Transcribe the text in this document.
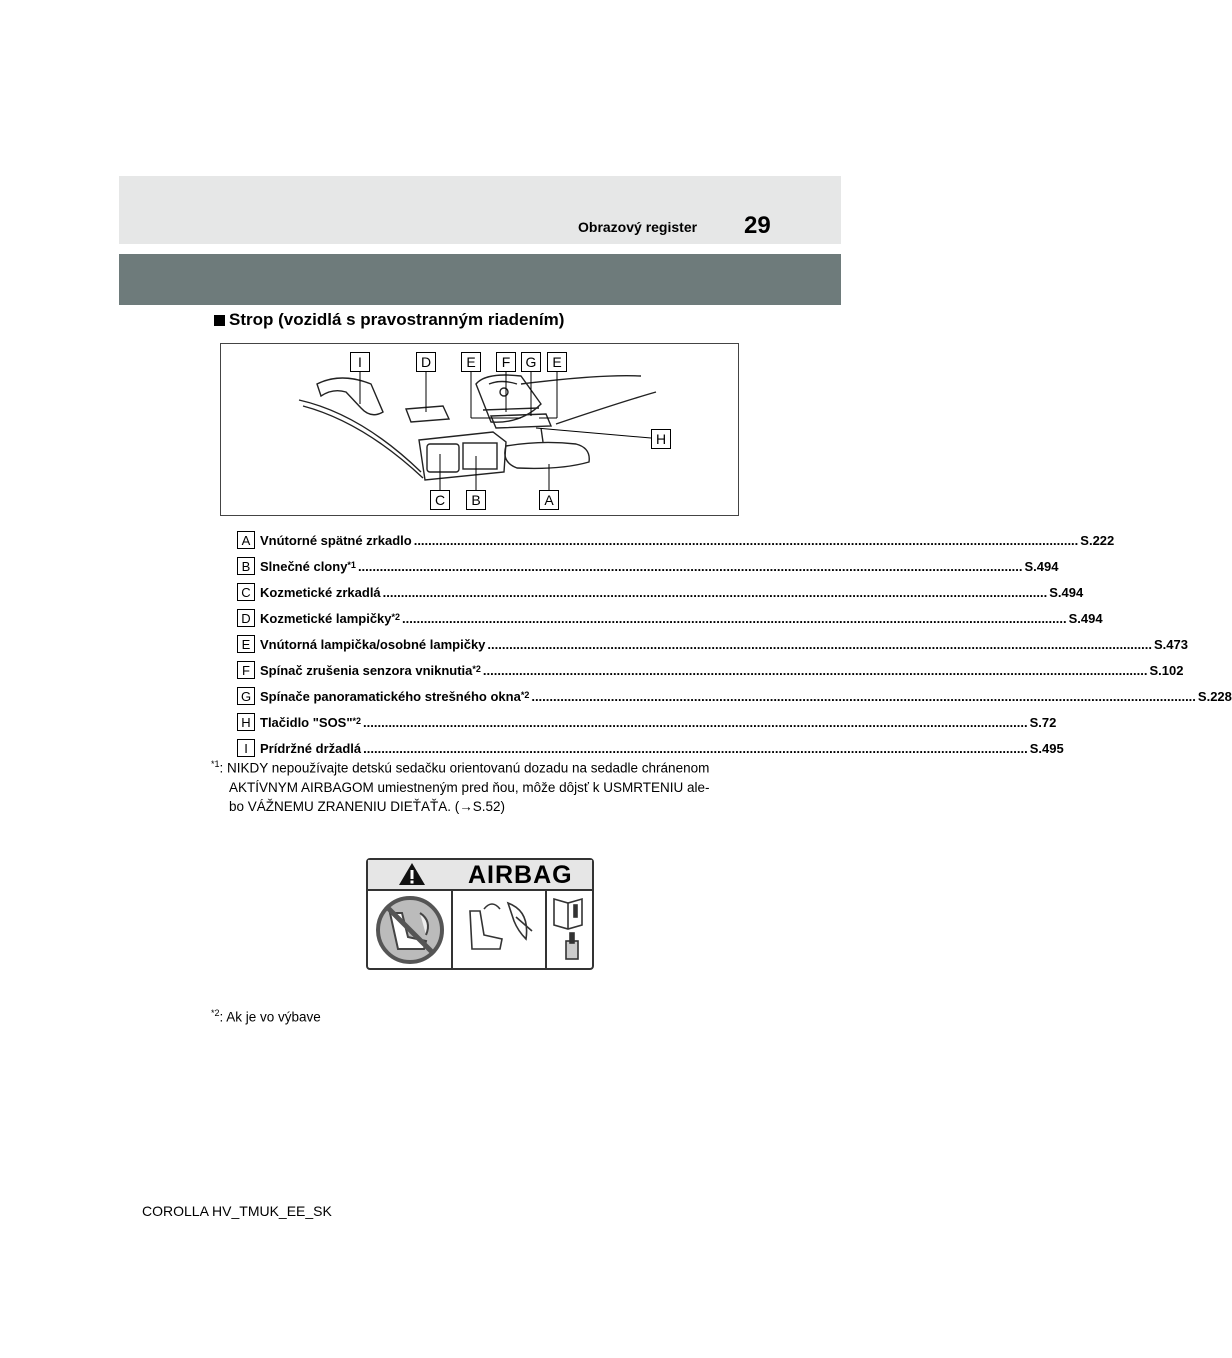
Obrazový register 29
Strop (vozidlá s pravostranným riadením)
I	D	E	F	G	E
H
C	B	A
A Vnútorné spätné zrkadlo .....	S.222
B Slnečné clony$^{*1}$ .....	S.494
C Kozmetické zrkadlá .....	S.494
D Kozmetické lampičky$^{*2}$ .....	S.494
E Vnútorná lampička/osobné lampičky .....	S.473
F Spínač zrušenia senzora vniknutia$^{*2}$ .....	S.102
G Spínače panoramatického strešného okna$^{*2}$ .....	S.228
H Tlačidlo "SOS"$^{*2}$ .....	S.72
I Prídržné držadlá .....	S.495
$^{*1}$: NIKDY nepoužívajte detskú sedačku orientovanú dozadu na sedadle chránenom
AKTÍVNYM AIRBAGOM umiestneným pred ňou, môže dôjsť k USMRTENIU ale-
bo VÁŽNEMU ZRANENIU DIEŤAŤA. (→S.52)
AIRBAG
$^{*2}$: Ak je vo výbave
COROLLA HV_TMUK_EE_SK
